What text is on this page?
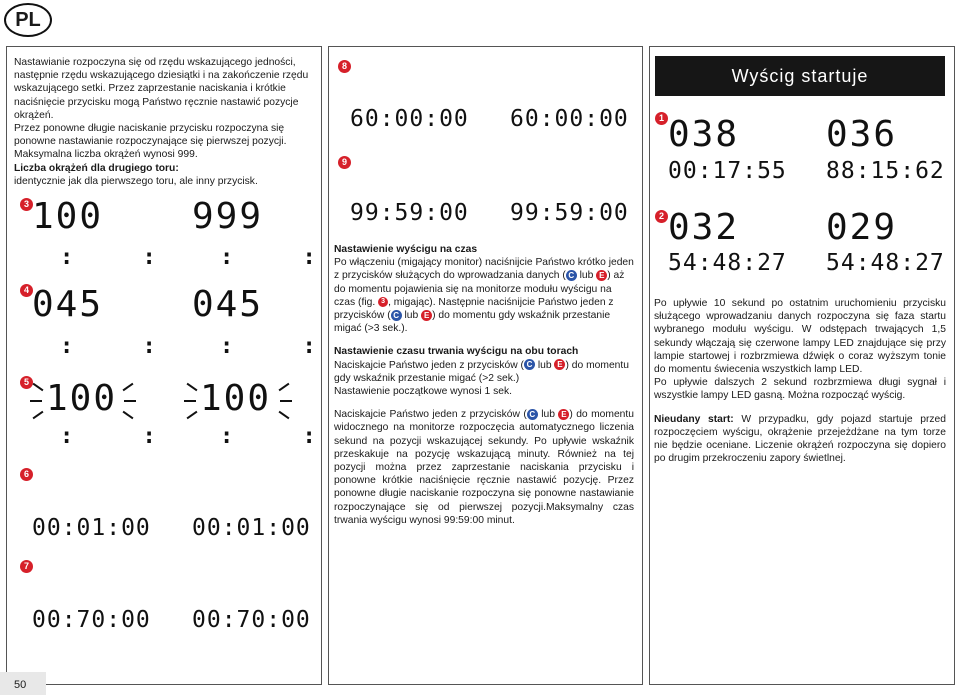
PL

Nastawianie rozpoczyna się od rzędu wskazującego jedności, następnie rzędu wskazującego dziesiątki i na zakończenie rzędu wskazującego setki. Przez zaprzestanie naciskania i krótkie naciśnięcie przycisku mogą Państwo ręcznie nastawić pozycje okrążeń.

Przez ponowne długie naciskanie przycisku rozpoczyna się ponowne nastawianie rozpoczynające się pierwszej pozycji. Maksymalna liczba okrążeń wynosi 999.

Liczba okrążeń dla drugiego toru:

identycznie jak dla pierwszego toru, ale inny przycisk.

3 100 999
: : : :
4 045 045
: : : :
5 100 100
: : : :
6
00:01:00 00:01:00
7
00:70:00 00:70:00
8
60:00:00 60:00:00
9
99:59:00 99:59:00

Nastawienie wyścigu na czas

Po włączeniu (migający monitor) naciśnijcie Państwo krótko jeden z przycisków służących do wprowadzania danych ( C lub E ) aż do momentu pojawienia się na monitorze modułu wyścigu na czas (fig. 3 , migając). Następnie naciśnijcie Państwo jeden z przycisków ( C lub E ) do momentu gdy wskaźnik przestanie migać (>3 sek.).

Nastawienie czasu trwania wyścigu na obu torach

Naciskajcie Państwo jeden z przycisków ( C lub E ) do momentu gdy wskaźnik przestanie migać (>2 sek.)

Nastawienie początkowe wynosi 1 sek.

Naciskajcie Państwo jeden z przycisków ( C lub E ) do momentu widocznego na monitorze rozpoczęcia automatycznego liczenia sekund na pozycji wskazującej sekundy. Po upływie wskaźnik przeskakuje na pozycję wskazującą minuty. Również na tej pozycji można przez zaprzestanie naciskania przycisku i ponowne krótkie naciśnięcie ręcznie nastawić pozycję. Przez ponowne długie naciskanie rozpoczyna się ponowne nastawianie rozpoczynające się od pierwszej pozycji.Maksymalny czas trwania wyścigu wynosi 99:59:00 minut.

Wyścig startuje
1 038 036
00:17:55 88:15:62
2 032 029
54:48:27 54:48:27

Po upływie 10 sekund po ostatnim uruchomieniu przycisku służącego wprowadzaniu danych rozpoczyna się faza startu wybranego modułu wyścigu. W odstępach trwających 1,5 sekundy włączają się czerwone lampy LED znajdujące się przy lampie startowej i rozbrzmiewa dźwięk o coraz wyższym tonie do momentu świecenia wszystkich lamp LED.

Po upływie dalszych 2 sekund rozbrzmiewa długi sygnał i wszystkie lampy LED gasną. Można rozpocząć wyścig.

Nieudany start: W przypadku, gdy pojazd startuje przed rozpoczęciem wyścigu, okrążenie przejeżdżane na tym torze nie będzie oceniane. Liczenie okrążeń rozpoczyna się dopiero po drugim przekroczeniu zapory świetlnej.

50
